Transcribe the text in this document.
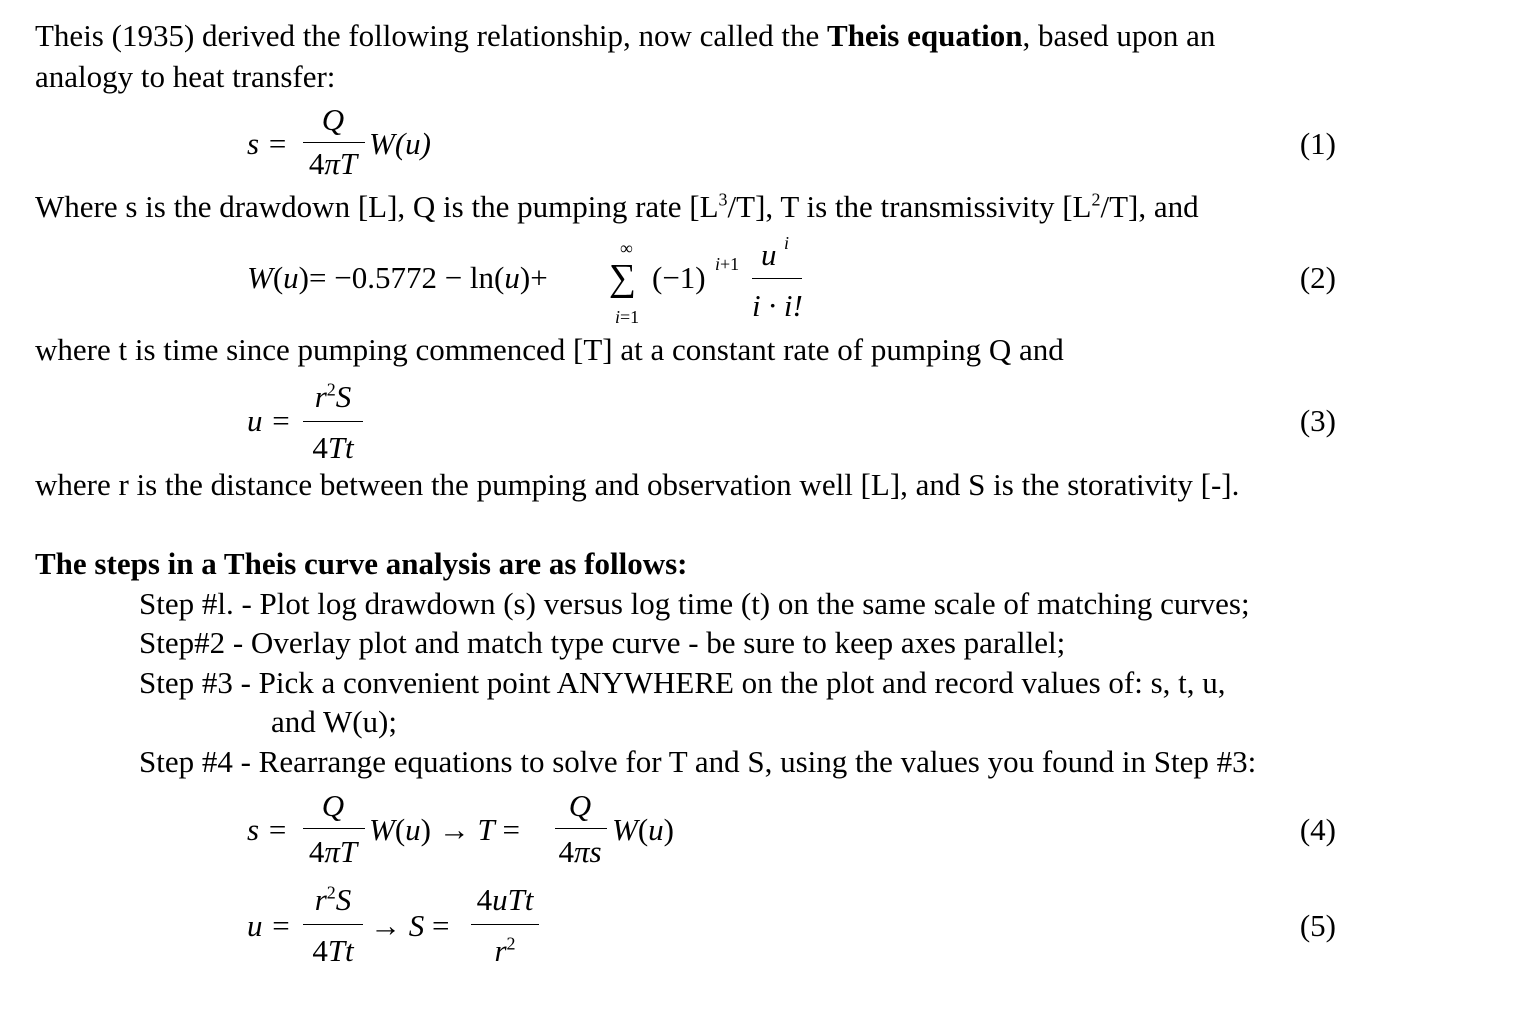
Theis (1935) derived the following relationship, now called the Theis equation, based upon an
analogy to heat transfer:
s =
Q
4πT
W(u)	(1)
Where s is the drawdown [L], Q is the pumping rate $[L^3/T]$, T is the transmissivity $[L^2/T]$, and
W(u)= −0.5772 − ln(u)+
∞
∑
i=1
(−1) i+1 u i
i · i!
(2)
where t is time since pumping commenced [T] at a constant rate of pumping Q and
u =
$r^2S$
4Tt
(3)
where r is the distance between the pumping and observation well [L], and S is the storativity [-].
The steps in a Theis curve analysis are as follows:
Step #l. - Plot log drawdown (s) versus log time (t) on the same scale of matching curves;
Step#2 - Overlay plot and match type curve - be sure to keep axes parallel;
Step #3 - Pick a convenient point ANYWHERE on the plot and record values of: s, t, u,
and W(u);
Step #4 - Rearrange equations to solve for T and S, using the values you found in Step #3:
s =
Q
4πT
W(u) → T =
Q
4πs
W(u)	(4)
u =
$r^2S$
4Tt
→ S =
4uTt
$r^2$
(5)
